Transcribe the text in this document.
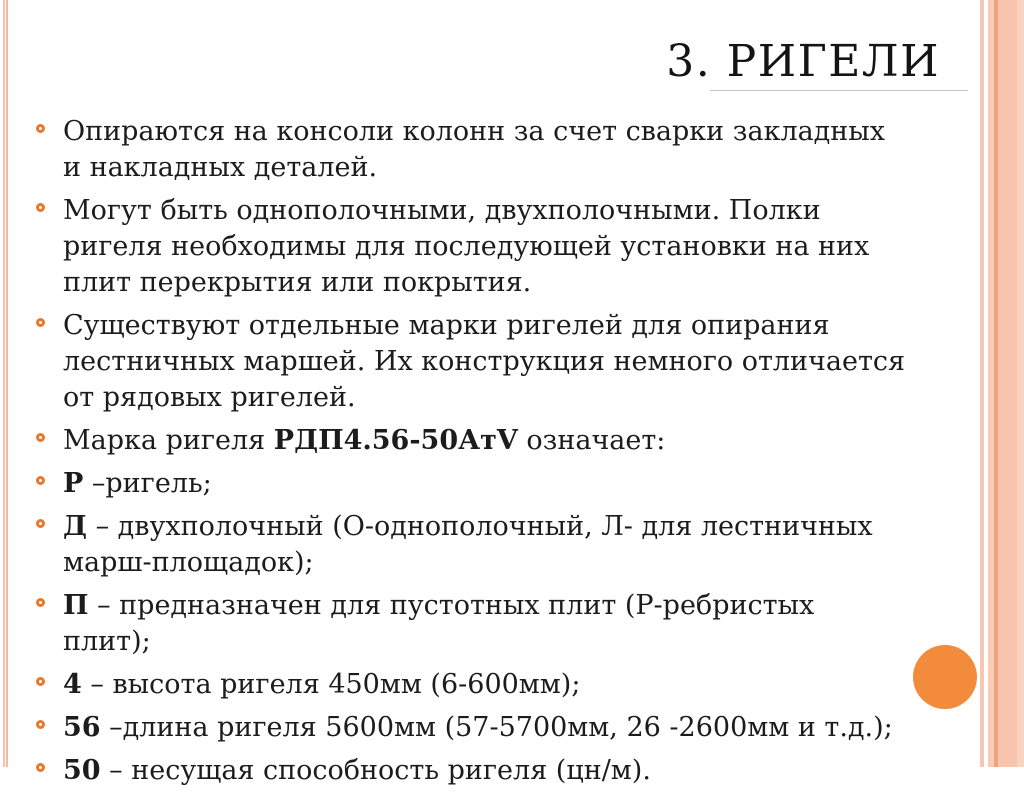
3. РИГЕЛИ
Опираются на консоли колонн за счет сварки закладных и накладных деталей.
Могут быть однополочными, двухполочными. Полки ригеля необходимы для последующей установки на них плит перекрытия или покрытия.
Существуют отдельные марки ригелей для опирания лестничных маршей. Их конструкция немного отличается от рядовых ригелей.
Марка ригеля РДП4.56-50АтV означает:
Р –ригель;
Д – двухполочный (О-однополочный, Л- для лестничных марш-площадок);
П – предназначен для пустотных плит (Р-ребристых плит);
4 – высота ригеля 450мм (6-600мм);
56 –длина ригеля 5600мм (57-5700мм, 26 -2600мм и т.д.);
50 – несущая способность ригеля (цн/м).
